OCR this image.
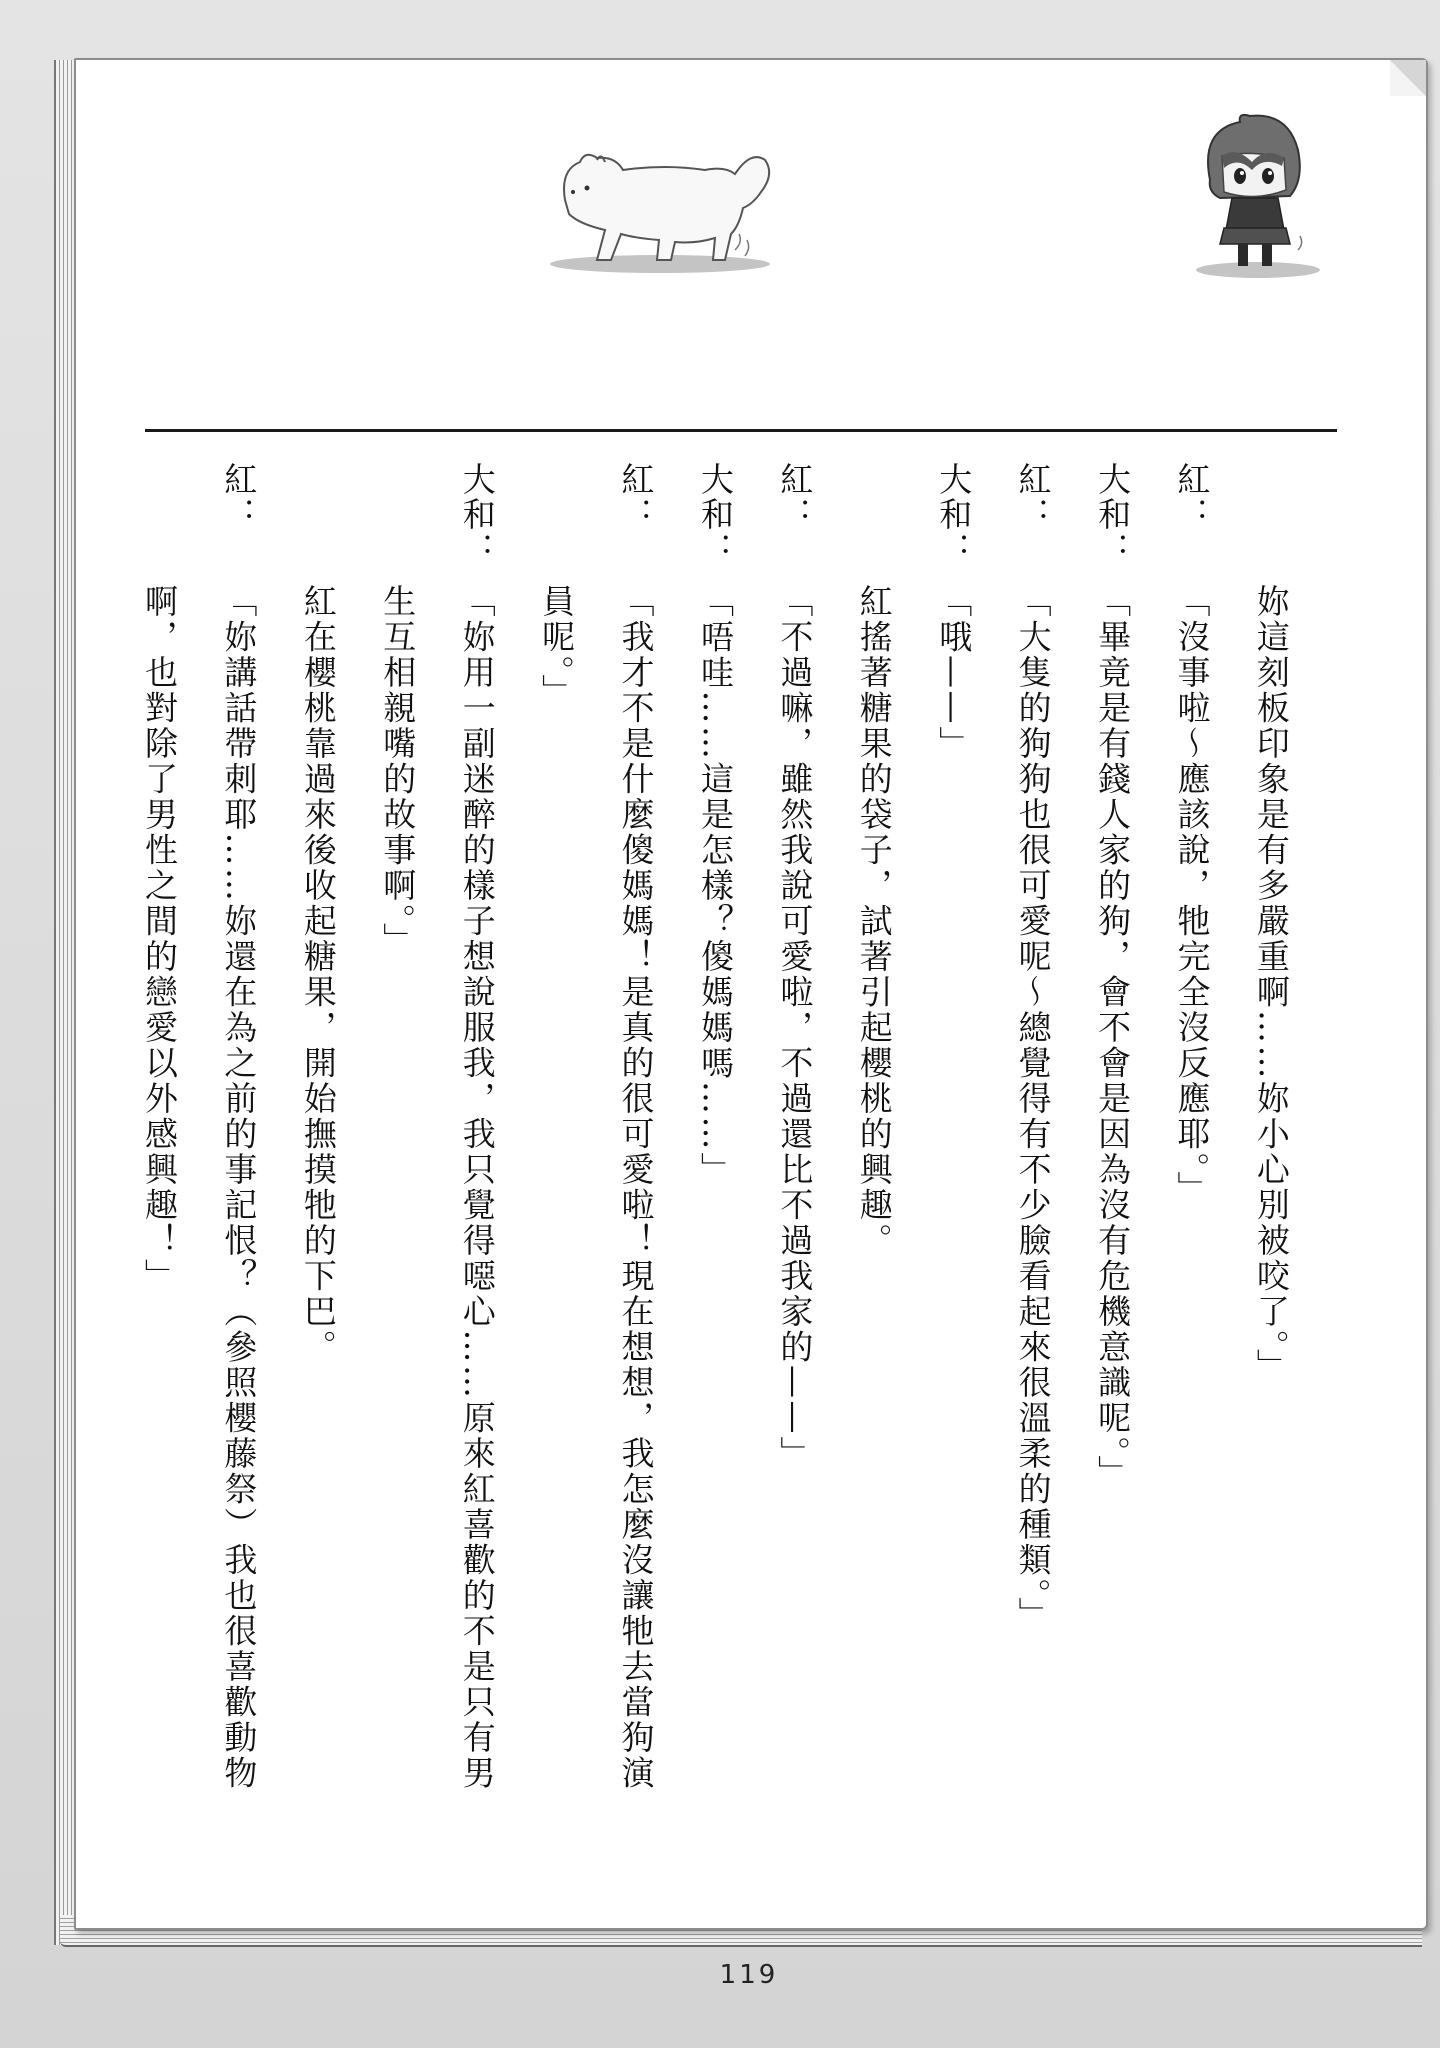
妳這刻板印象是有多嚴重啊……妳小心別被咬了。」
紅：
「沒事啦～應該說，牠完全沒反應耶。」
大和：
「畢竟是有錢人家的狗，會不會是因為沒有危機意識呢。」
紅：
「大隻的狗狗也很可愛呢～總覺得有不少臉看起來很溫柔的種類。」
大和：
「哦——」
紅搖著糖果的袋子，試著引起櫻桃的興趣。
紅：
「不過嘛，雖然我說可愛啦，不過還比不過我家的——」
大和：
「唔哇……這是怎樣？傻媽媽嗎……」
紅：
「我才不是什麼傻媽媽！是真的很可愛啦！現在想想，我怎麼沒讓牠去當狗演
員呢。」
大和：
「妳用一副迷醉的樣子想說服我，我只覺得噁心……原來紅喜歡的不是只有男
生互相親嘴的故事啊。」
紅在櫻桃靠過來後收起糖果，開始撫摸牠的下巴。
紅：
「妳講話帶刺耶……妳還在為之前的事記恨？（參照櫻藤祭）我也很喜歡動物
啊，也對除了男性之間的戀愛以外感興趣！」
119
